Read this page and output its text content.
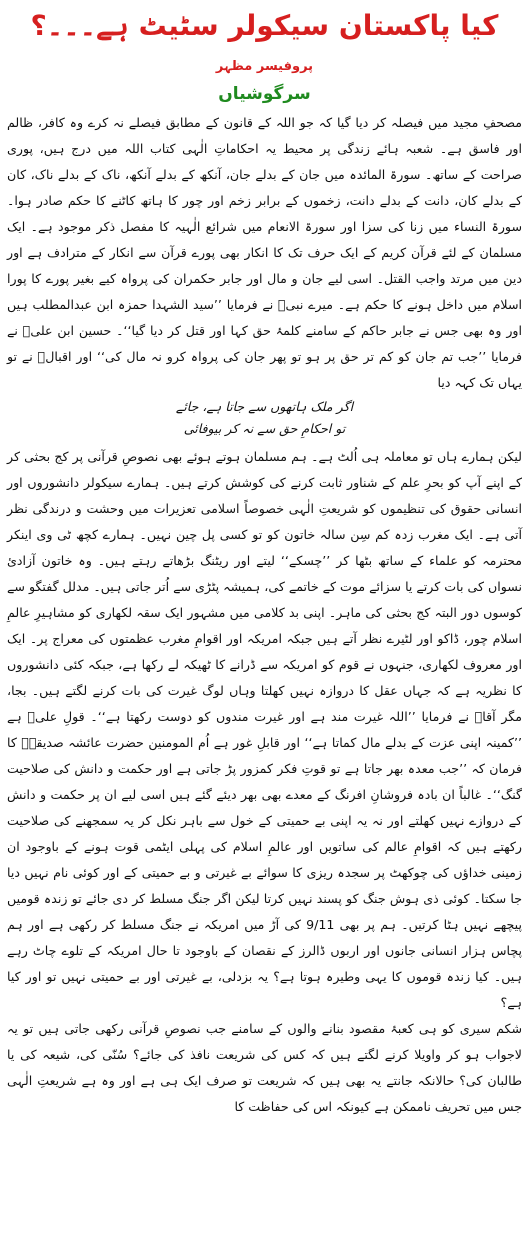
کیا پاکستان سیکولر سٹیٹ ہے۔۔۔؟
پروفیسر مظہر
سرگوشیاں

مصحفِ مجید میں فیصلہ کر دیا گیا کہ جو اللہ کے قانون کے مطابق فیصلے نہ کرے وہ کافر، ظالم اور فاسق ہے۔ شعبہ ہائے زندگی پر محیط یہ احکاماتِ الٰہی کتاب اللہ میں درج ہیں، پوری صراحت کے ساتھ۔ سورۃ المائدہ میں جان کے بدلے جان، آنکھ کے بدلے آنکھ، ناک کے بدلے ناک، کان کے بدلے کان، دانت کے بدلے دانت، زخموں کے برابر زخم اور چور کا ہاتھ کاٹنے کا حکم صادر ہوا۔ سورۃ النساء میں زنا کی سزا اور سورۃ الانعام میں شرائع الٰہیہ کا مفصل ذکر موجود ہے۔ ایک مسلمان کے لئے قرآن کریم کے ایک حرف تک کا انکار بھی پورے قرآن سے انکار کے مترادف ہے اور دین میں مرتد واجب القتل۔ اسی لیے جان و مال اور جابر حکمران کی پرواہ کیے بغیر پورے کا پورا اسلام میں داخل ہونے کا حکم ہے۔ میرے نبیؐ نے فرمایا ’’سید الشہدا حمزہ ابن عبدالمطلب ہیں اور وہ بھی جس نے جابر حاکم کے سامنے کلمۂ حق کہا اور قتل کر دیا گیا‘‘۔ حسین ابن علیؓ نے فرمایا ’’جب تم جان کو کم تر حق پر ہو تو پھر جان کی پرواہ کرو نہ مال کی‘‘ اور اقبالؒ نے تو یہاں تک کہہ دیا

اگر ملک ہاتھوں سے جاتا ہے، جائے
تو احکامِ حق سے نہ کر بیوفائی

لیکن ہمارے ہاں تو معاملہ ہی اُلٹ ہے۔ ہم مسلمان ہوتے ہوئے بھی نصوصِ قرآنی پر کج بحثی کر کے اپنے آپ کو بحرِ علم کے شناور ثابت کرنے کی کوشش کرتے ہیں۔ ہمارے سیکولر دانشوروں اور انسانی حقوق کی تنظیموں کو شریعتِ الٰہی خصوصاً اسلامی تعزیرات میں وحشت و درندگی نظر آتی ہے۔ ایک مغرب زدہ کم سِن سالہ خاتون کو تو کسی پل چین نہیں۔ ہمارے کچھ ٹی وی اینکر محترمہ کو علماء کے ساتھ بٹھا کر ’’چسکے‘‘ لیتے اور ریٹنگ بڑھاتے رہتے ہیں۔ وہ خاتون آزادیٔ نسواں کی بات کرتے یا سزائے موت کے خاتمے کی، ہمیشہ پٹڑی سے اُتر جاتی ہیں۔ مدلل گفتگو سے کوسوں دور البتہ کج بحثی کی ماہر۔ اپنی بد کلامی میں مشہور ایک سقہ لکھاری کو مشاہیرِ عالمِ اسلام چور، ڈاکو اور لٹیرے نظر آتے ہیں جبکہ امریکہ اور اقوامِ مغرب عظمتوں کی معراج پر۔ ایک اور معروف لکھاری، جنہوں نے قوم کو امریکہ سے ڈرانے کا ٹھیکہ لے رکھا ہے، جبکہ کئی دانشوروں کا نظریہ ہے کہ جہاں عقل کا دروازہ نہیں کھلتا وہاں لوگ غیرت کی بات کرنے لگتے ہیں۔ بجا، مگر آقاؐ نے فرمایا ’’اللہ غیرت مند ہے اور غیرت مندوں کو دوست رکھتا ہے‘‘۔ قولِ علیؓ ہے ’’کمینہ اپنی عزت کے بدلے مال کماتا ہے‘‘ اور قابلِ غور ہے اُم المومنین حضرت عائشہ صدیقہؓ کا فرمان کہ ’’جب معدہ بھر جاتا ہے تو قوتِ فکر کمزور پڑ جاتی ہے اور حکمت و دانش کی صلاحیت گنگ‘‘۔ غالباً ان بادہ فروشانِ افرنگ کے معدے بھی بھر دیئے گئے ہیں اسی لیے ان پر حکمت و دانش کے دروازے نہیں کھلتے اور نہ یہ اپنی بے حمیتی کے خول سے باہر نکل کر یہ سمجھنے کی صلاحیت رکھتے ہیں کہ اقوامِ عالم کی ساتویں اور عالمِ اسلام کی پہلی ایٹمی قوت ہونے کے باوجود ان زمینی خداؤں کی چوکھٹ پر سجدہ ریزی کا سوائے بے غیرتی و بے حمیتی کے اور کوئی نام نہیں دیا جا سکتا۔ کوئی ذی ہوش جنگ کو پسند نہیں کرتا لیکن اگر جنگ مسلط کر دی جائے تو زندہ قومیں پیچھے نہیں ہٹا کرتیں۔ ہم پر بھی 9/11 کی آڑ میں امریکہ نے جنگ مسلط کر رکھی ہے اور ہم پچاس ہزار انسانی جانوں اور اربوں ڈالرز کے نقصان کے باوجود تا حال امریکہ کے تلوے چاٹ رہے ہیں۔ کیا زندہ قوموں کا یہی وطیرہ ہوتا ہے؟ یہ بزدلی، بے غیرتی اور بے حمیتی نہیں تو اور کیا ہے؟

شکم سیری کو ہی کعبۂ مقصود بنانے والوں کے سامنے جب نصوصِ قرآنی رکھی جاتی ہیں تو یہ لاجواب ہو کر واویلا کرنے لگتے ہیں کہ کس کی شریعت نافذ کی جائے؟ سُنّی کی، شیعہ کی یا طالبان کی؟ حالانکہ جانتے یہ بھی ہیں کہ شریعت تو صرف ایک ہی ہے اور وہ ہے شریعتِ الٰہی جس میں تحریف ناممکن ہے کیونکہ اس کی حفاظت کا
